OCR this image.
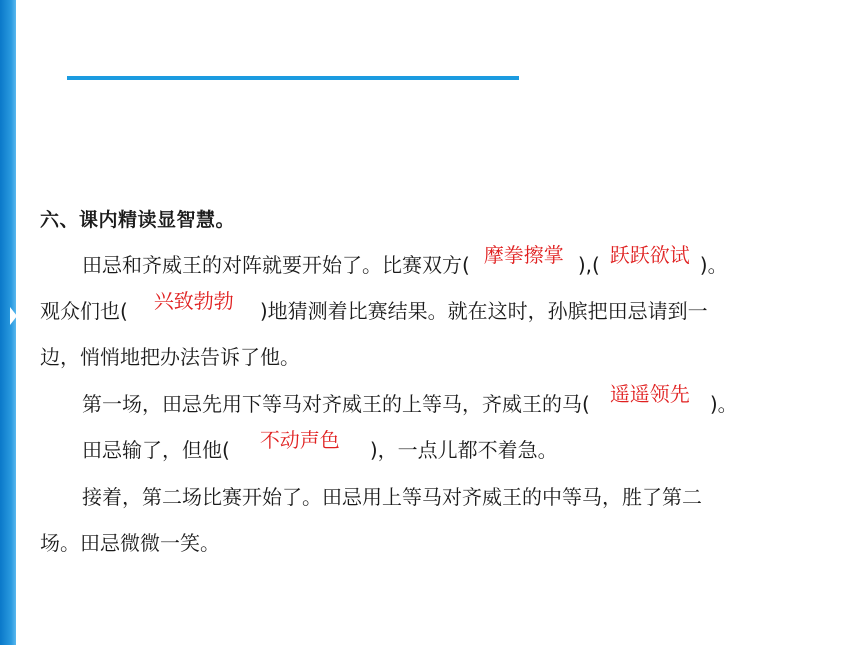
六、课内精读显智慧。
田忌和齐威王的对阵就要开始了。比赛双方( 摩拳擦掌 ),( 跃跃欲试 )。
观众们也(	兴致勃勃	)地猜测着比赛结果。就在这时，孙膑把田忌请到一
边，悄悄地把办法告诉了他。
第一场，田忌先用下等马对齐威王的上等马，齐威王的马(	遥遥领先	)。
田忌输了，但他(	不动声色	)，一点儿都不着急。
接着，第二场比赛开始了。田忌用上等马对齐威王的中等马，胜了第二
场。田忌微微一笑。
